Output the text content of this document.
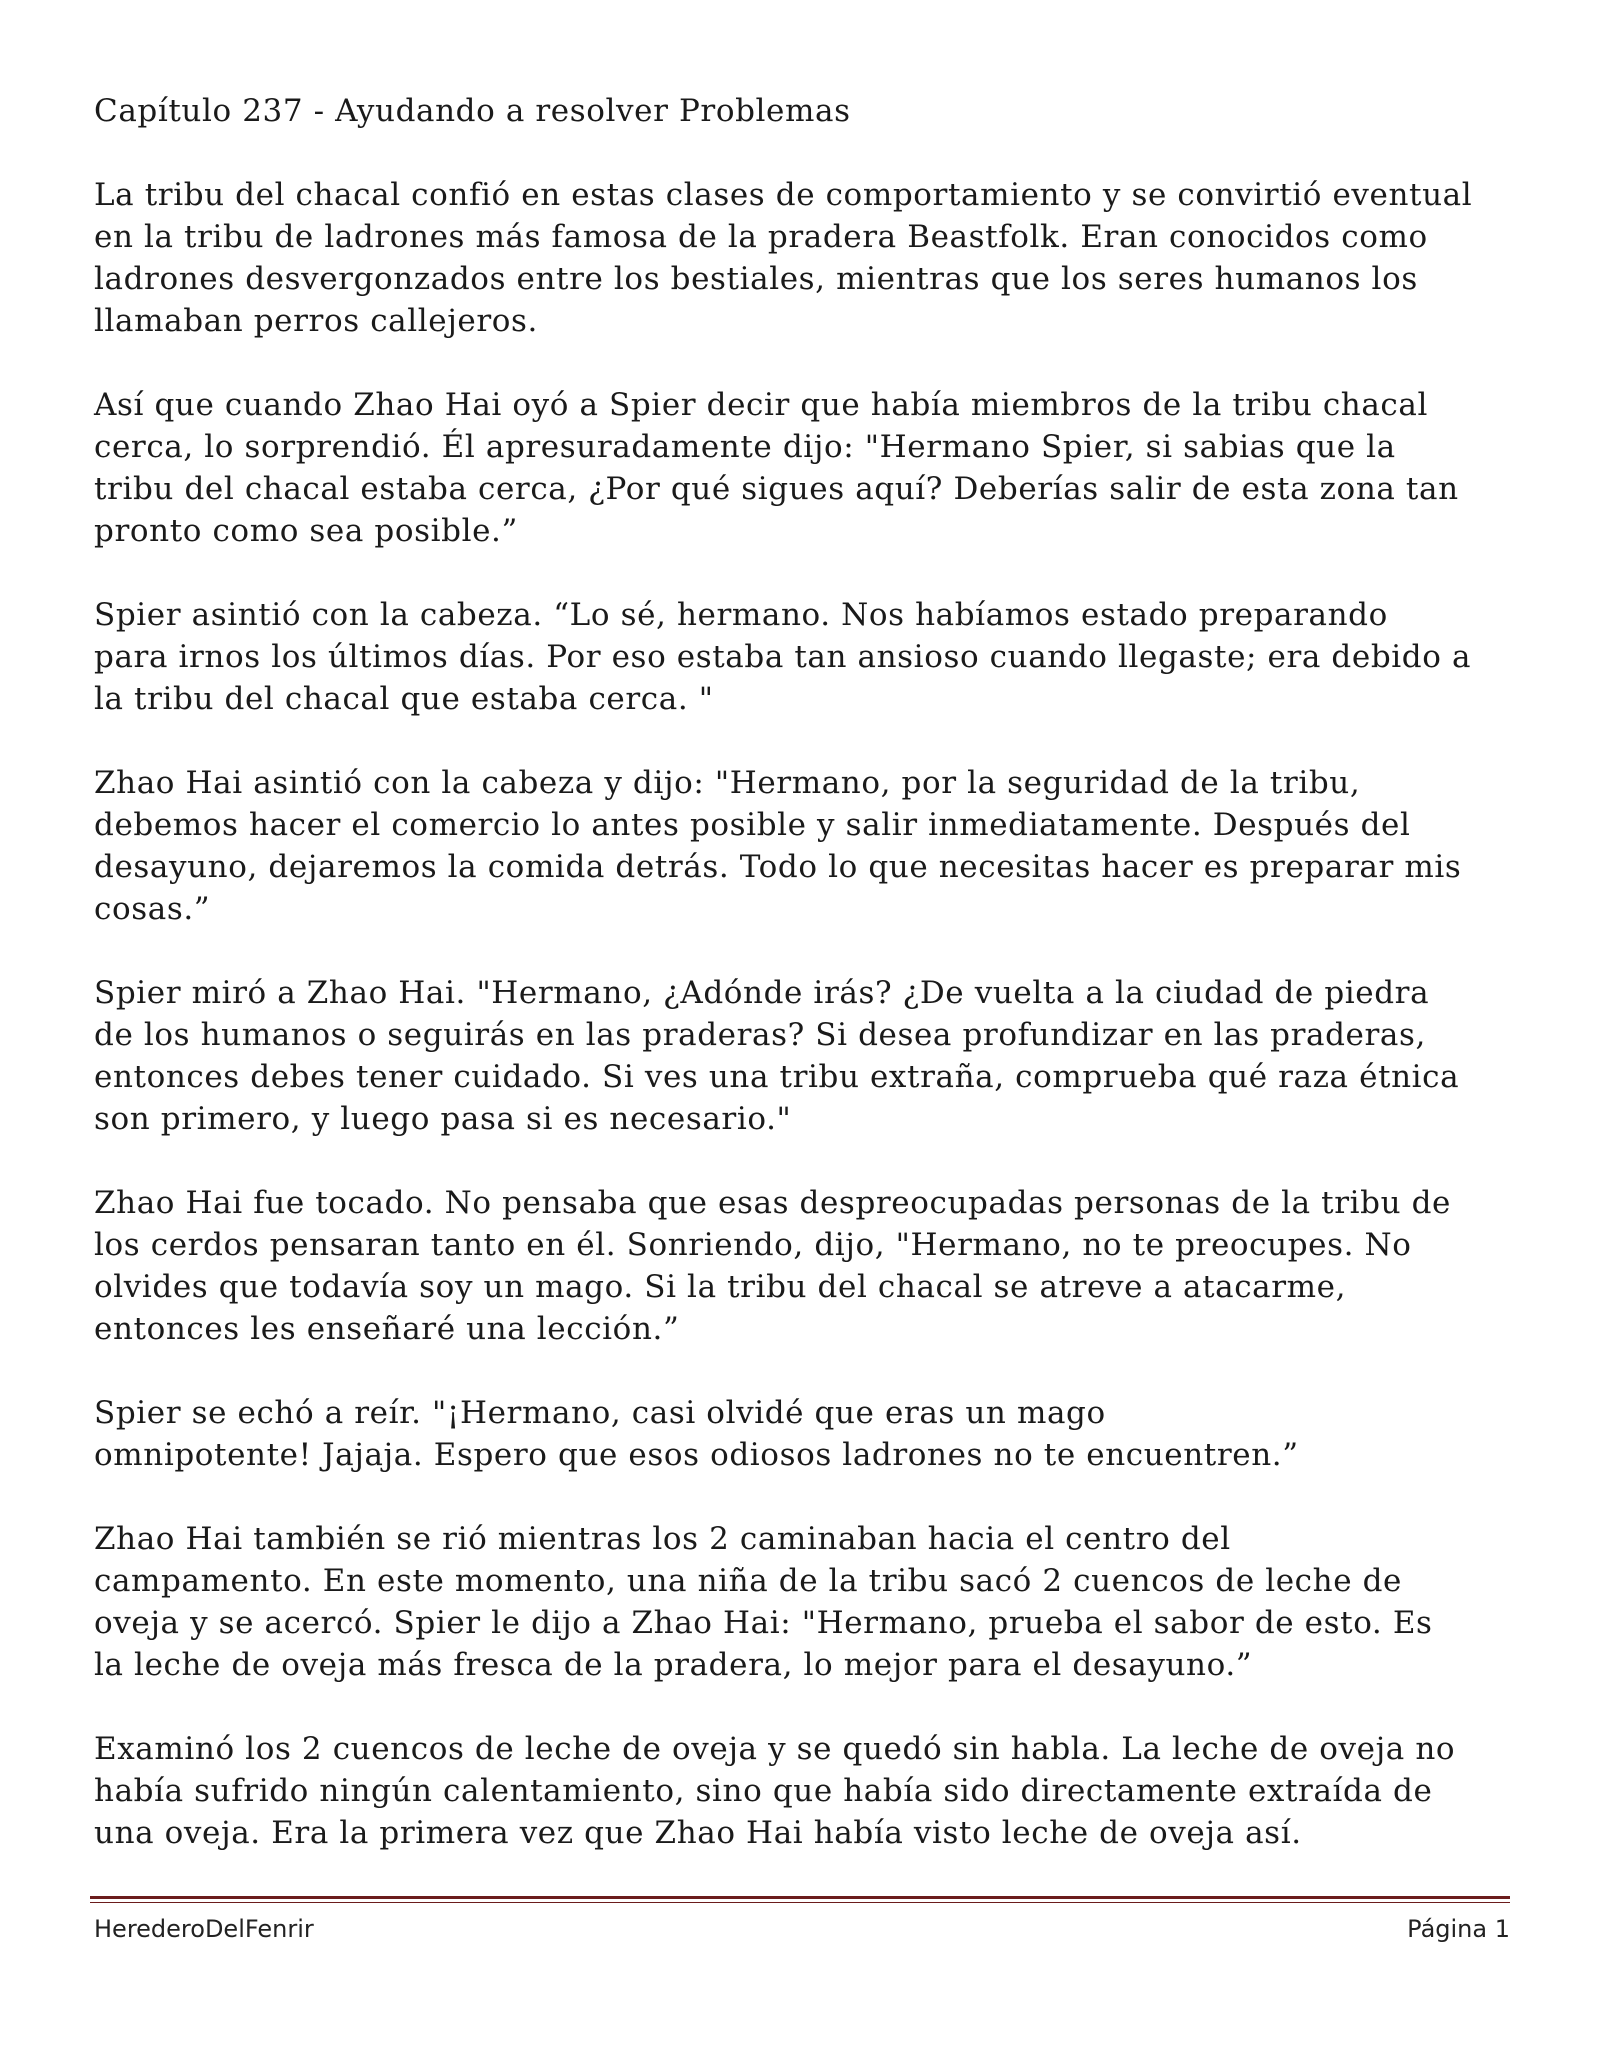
Capítulo 237 - Ayudando a resolver Problemas
La tribu del chacal confió en estas clases de comportamiento y se convirtió eventual
en la tribu de ladrones más famosa de la pradera Beastfolk. Eran conocidos como
ladrones desvergonzados entre los bestiales, mientras que los seres humanos los
llamaban perros callejeros.
Así que cuando Zhao Hai oyó a Spier decir que había miembros de la tribu chacal
cerca, lo sorprendió. Él apresuradamente dijo: "Hermano Spier, si sabias que la
tribu del chacal estaba cerca, ¿Por qué sigues aquí? Deberías salir de esta zona tan
pronto como sea posible.”
Spier asintió con la cabeza. “Lo sé, hermano. Nos habíamos estado preparando
para irnos los últimos días. Por eso estaba tan ansioso cuando llegaste; era debido a
la tribu del chacal que estaba cerca. "
Zhao Hai asintió con la cabeza y dijo: "Hermano, por la seguridad de la tribu,
debemos hacer el comercio lo antes posible y salir inmediatamente. Después del
desayuno, dejaremos la comida detrás. Todo lo que necesitas hacer es preparar mis
cosas.”
Spier miró a Zhao Hai. "Hermano, ¿Adónde irás? ¿De vuelta a la ciudad de piedra
de los humanos o seguirás en las praderas? Si desea profundizar en las praderas,
entonces debes tener cuidado. Si ves una tribu extraña, comprueba qué raza étnica
son primero, y luego pasa si es necesario."
Zhao Hai fue tocado. No pensaba que esas despreocupadas personas de la tribu de
los cerdos pensaran tanto en él. Sonriendo, dijo, "Hermano, no te preocupes. No
olvides que todavía soy un mago. Si la tribu del chacal se atreve a atacarme,
entonces les enseñaré una lección.”
Spier se echó a reír. "¡Hermano, casi olvidé que eras un mago
omnipotente! Jajaja. Espero que esos odiosos ladrones no te encuentren.”
Zhao Hai también se rió mientras los 2 caminaban hacia el centro del
campamento. En este momento, una niña de la tribu sacó 2 cuencos de leche de
oveja y se acercó. Spier le dijo a Zhao Hai: "Hermano, prueba el sabor de esto. Es
la leche de oveja más fresca de la pradera, lo mejor para el desayuno.”
Examinó los 2 cuencos de leche de oveja y se quedó sin habla. La leche de oveja no
había sufrido ningún calentamiento, sino que había sido directamente extraída de
una oveja. Era la primera vez que Zhao Hai había visto leche de oveja así.
HerederoDelFenrir	Página 1
